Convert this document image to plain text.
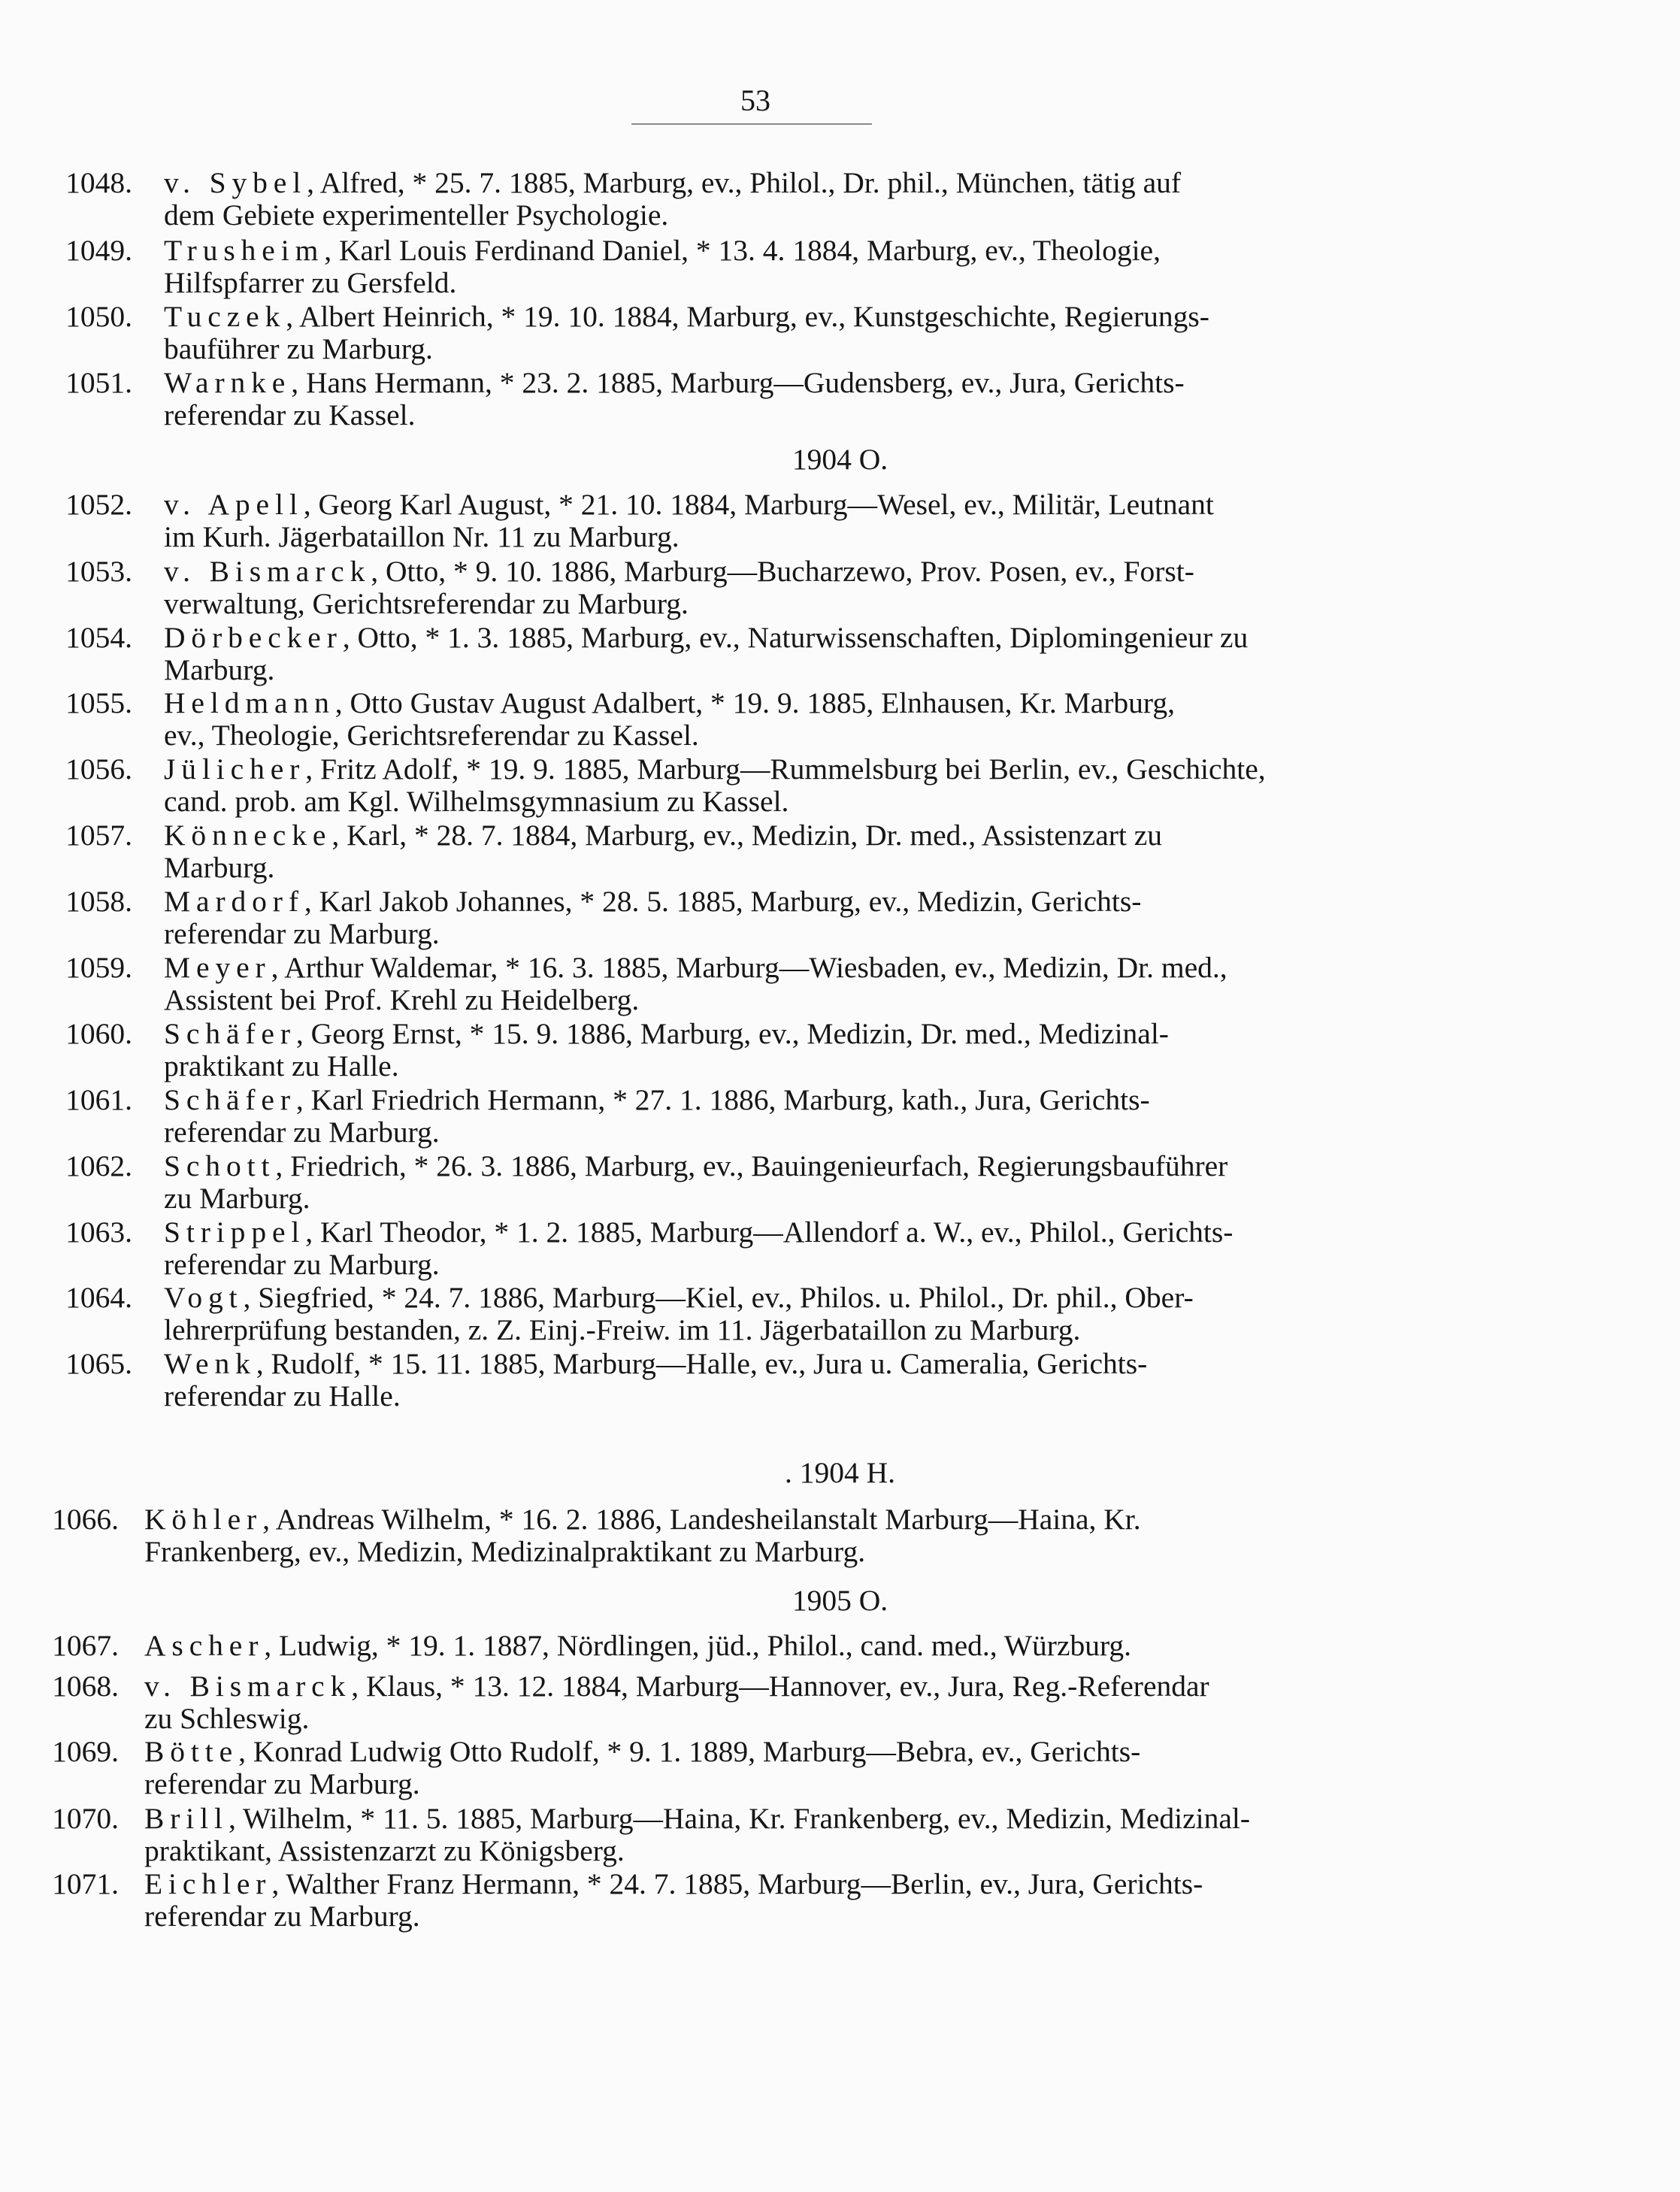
53
1048. v. Sybel, Alfred, * 25. 7. 1885, Marburg, ev., Philol., Dr. phil., München, tätig auf
dem Gebiete experimenteller Psychologie.
1049. Trusheim, Karl Louis Ferdinand Daniel, * 13. 4. 1884, Marburg, ev., Theologie,
Hilfspfarrer zu Gersfeld.
1050. Tuczek, Albert Heinrich, * 19. 10. 1884, Marburg, ev., Kunstgeschichte, Regierungs-
bauführer zu Marburg.
1051. Warnke, Hans Hermann, * 23. 2. 1885, Marburg—Gudensberg, ev., Jura, Gerichts-
referendar zu Kassel.
1904 O.
1052. v. Apell, Georg Karl August, * 21. 10. 1884, Marburg—Wesel, ev., Militär, Leutnant
im Kurh. Jägerbataillon Nr. 11 zu Marburg.
1053. v. Bismarck, Otto, * 9. 10. 1886, Marburg—Bucharzewo, Prov. Posen, ev., Forst-
verwaltung, Gerichtsreferendar zu Marburg.
1054. Dörbecker, Otto, * 1. 3. 1885, Marburg, ev., Naturwissenschaften, Diplomingenieur zu
Marburg.
1055. Heldmann, Otto Gustav August Adalbert, * 19. 9. 1885, Elnhausen, Kr. Marburg,
ev., Theologie, Gerichtsreferendar zu Kassel.
1056. Jülicher, Fritz Adolf, * 19. 9. 1885, Marburg—Rummelsburg bei Berlin, ev., Geschichte,
cand. prob. am Kgl. Wilhelmsgymnasium zu Kassel.
1057. Könnecke, Karl, * 28. 7. 1884, Marburg, ev., Medizin, Dr. med., Assistenzart zu
Marburg.
1058. Mardorf, Karl Jakob Johannes, * 28. 5. 1885, Marburg, ev., Medizin, Gerichts-
referendar zu Marburg.
1059. Meyer, Arthur Waldemar, * 16. 3. 1885, Marburg—Wiesbaden, ev., Medizin, Dr. med.,
Assistent bei Prof. Krehl zu Heidelberg.
1060. Schäfer, Georg Ernst, * 15. 9. 1886, Marburg, ev., Medizin, Dr. med., Medizinal-
praktikant zu Halle.
1061. Schäfer, Karl Friedrich Hermann, * 27. 1. 1886, Marburg, kath., Jura, Gerichts-
referendar zu Marburg.
1062. Schott, Friedrich, * 26. 3. 1886, Marburg, ev., Bauingenieurfach, Regierungsbauführer
zu Marburg.
1063. Strippel, Karl Theodor, * 1. 2. 1885, Marburg—Allendorf a. W., ev., Philol., Gerichts-
referendar zu Marburg.
1064. Vogt, Siegfried, * 24. 7. 1886, Marburg—Kiel, ev., Philos. u. Philol., Dr. phil., Ober-
lehrerprüfung bestanden, z. Z. Einj.-Freiw. im 11. Jägerbataillon zu Marburg.
1065. Wenk, Rudolf, * 15. 11. 1885, Marburg—Halle, ev., Jura u. Cameralia, Gerichts-
referendar zu Halle.
. 1904 H.
1066. Köhler, Andreas Wilhelm, * 16. 2. 1886, Landesheilanstalt Marburg—Haina, Kr.
Frankenberg, ev., Medizin, Medizinalpraktikant zu Marburg.
1905 O.
1067. Ascher, Ludwig, * 19. 1. 1887, Nördlingen, jüd., Philol., cand. med., Würzburg.
1068. v. Bismarck, Klaus, * 13. 12. 1884, Marburg—Hannover, ev., Jura, Reg.-Referendar
zu Schleswig.
1069. Bötte, Konrad Ludwig Otto Rudolf, * 9. 1. 1889, Marburg—Bebra, ev., Gerichts-
referendar zu Marburg.
1070. Brill, Wilhelm, * 11. 5. 1885, Marburg—Haina, Kr. Frankenberg, ev., Medizin, Medizinal-
praktikant, Assistenzarzt zu Königsberg.
1071. Eichler, Walther Franz Hermann, * 24. 7. 1885, Marburg—Berlin, ev., Jura, Gerichts-
referendar zu Marburg.
